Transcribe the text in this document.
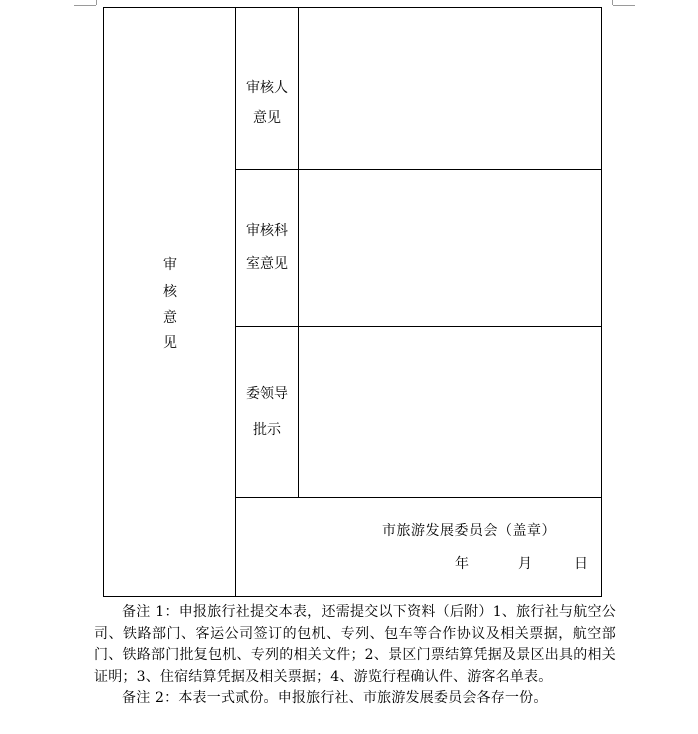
审
核
意
见
审核人
意见
审核科
室意见
委领导
批示
市旅游发展委员会（盖章）
年	月	日

备注 1：申报旅行社提交本表，还需提交以下资料（后附）1、旅行社与航空公司、铁路部门、客运公司签订的包机、专列、包车等合作协议及相关票据，航空部门、铁路部门批复包机、专列的相关文件；2、景区门票结算凭据及景区出具的相关证明；3、住宿结算凭据及相关票据；4、游览行程确认件、游客名单表。

备注 2：本表一式贰份。申报旅行社、市旅游发展委员会各存一份。
